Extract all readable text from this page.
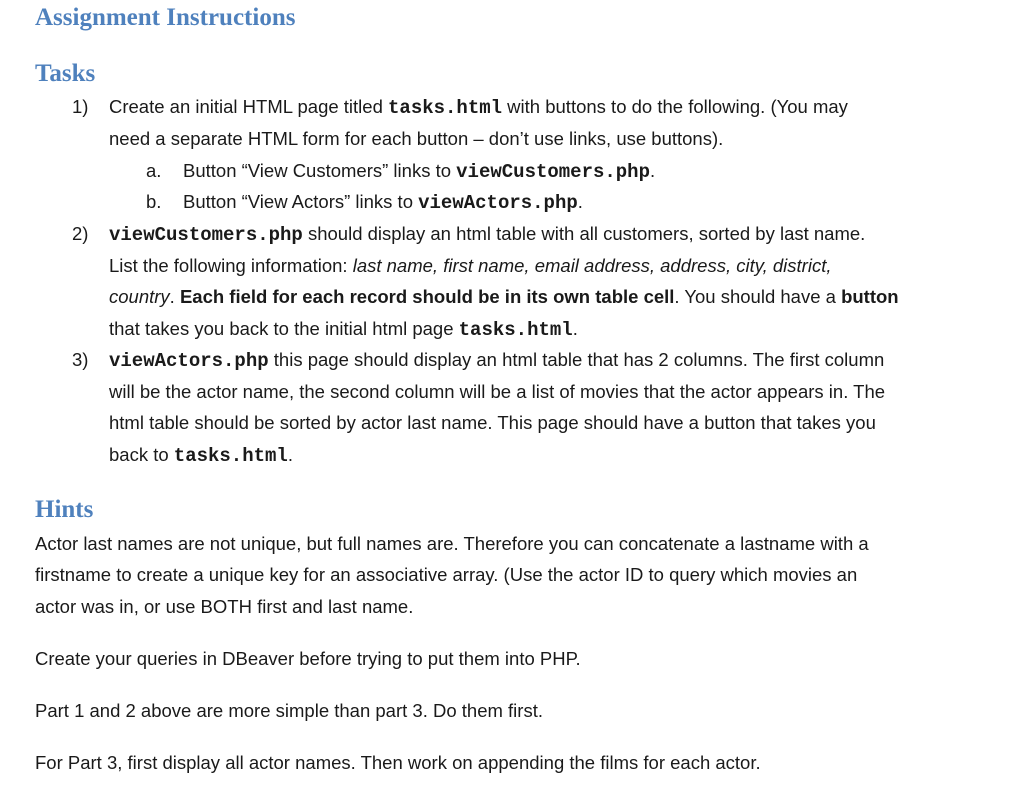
Assignment Instructions
Tasks
1) Create an initial HTML page titled tasks.html with buttons to do the following. (You may
need a separate HTML form for each button – don’t use links, use buttons).
a. Button “View Customers” links to viewCustomers.php.
b. Button “View Actors” links to viewActors.php.
2) viewCustomers.php should display an html table with all customers, sorted by last name.
List the following information: last name, first name, email address, address, city, district,
country. Each field for each record should be in its own table cell. You should have a button
that takes you back to the initial html page tasks.html.
3) viewActors.php this page should display an html table that has 2 columns. The first column
will be the actor name, the second column will be a list of movies that the actor appears in. The
html table should be sorted by actor last name. This page should have a button that takes you
back to tasks.html.
Hints
Actor last names are not unique, but full names are. Therefore you can concatenate a lastname with a
firstname to create a unique key for an associative array. (Use the actor ID to query which movies an
actor was in, or use BOTH first and last name.
Create your queries in DBeaver before trying to put them into PHP.
Part 1 and 2 above are more simple than part 3. Do them first.
For Part 3, first display all actor names. Then work on appending the films for each actor.
